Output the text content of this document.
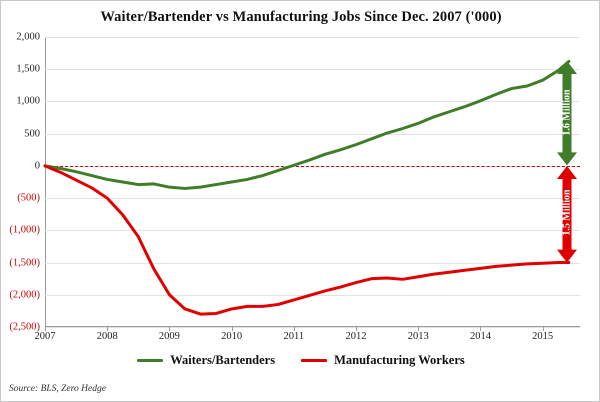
Waiter/Bartender vs Manufacturing Jobs Since Dec. 2007 ('000)
2,000
1,500
1,000
500
0
(500)
(1,000)
(1,500)
(2,000)
(2,500)
2007	2008	2009	2010	2011	2012	2013	2014	2015
1.6 Million
1.5 Million
Waiters/Bartenders	Manufacturing Workers
Source: BLS, Zero Hedge
